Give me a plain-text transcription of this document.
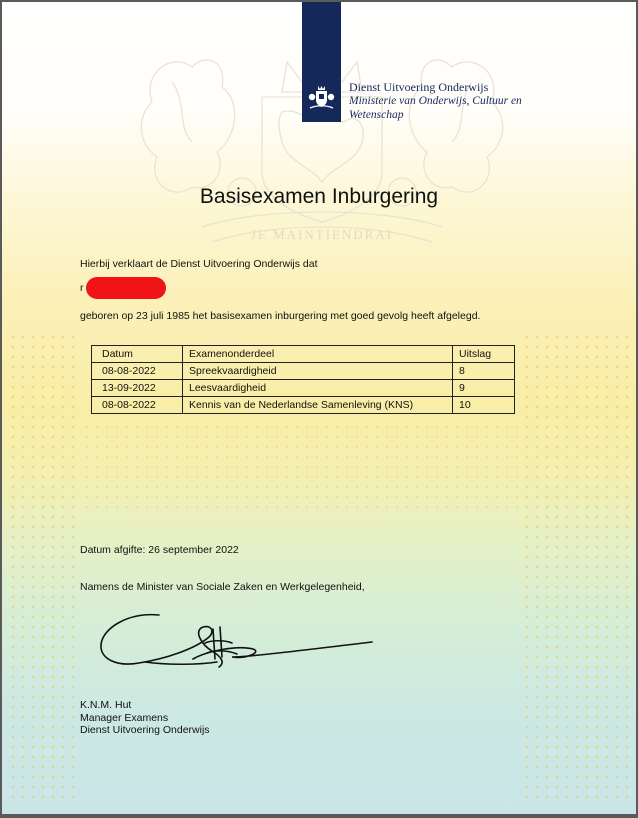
JE MAINTIENDRAI
Dienst Uitvoering Onderwijs
Ministerie van Onderwijs, Cultuur en
Wetenschap
Basisexamen Inburgering
Hierbij verklaart de Dienst Uitvoering Onderwijs dat
r
geboren op 23 juli 1985 het basisexamen inburgering met goed gevolg heeft afgelegd.
Datum	Examenonderdeel	Uitslag
08-08-2022	Spreekvaardigheid	8
13-09-2022	Leesvaardigheid	9
08-08-2022	Kennis van de Nederlandse Samenleving (KNS)	10
Datum afgifte: 26 september 2022
Namens de Minister van Sociale Zaken en Werkgelegenheid,
K.N.M. Hut
Manager Examens
Dienst Uitvoering Onderwijs
